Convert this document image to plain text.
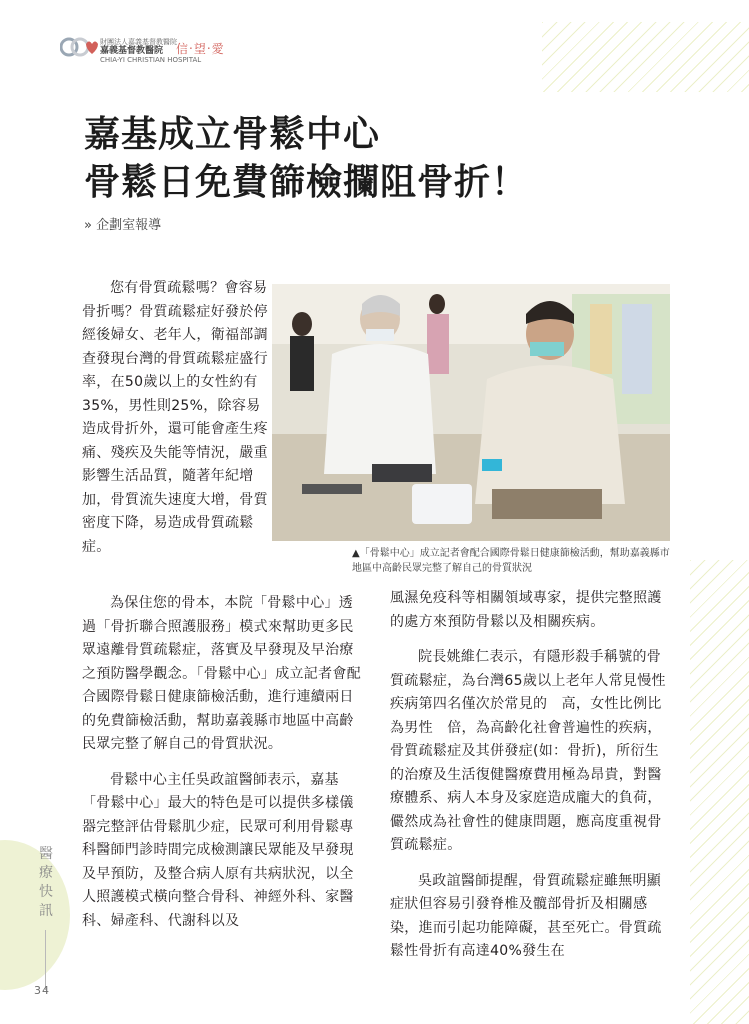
財團法人嘉義基督教醫院
嘉義基督教醫院
CHIA-YI CHRISTIAN HOSPITAL
信‧望‧愛
嘉基成立骨鬆中心
骨鬆日免費篩檢攔阻骨折！
» 企劃室報導

您有骨質疏鬆嗎？會容易骨折嗎？骨質疏鬆症好發於停經後婦女、老年人，衛福部調查發現台灣的骨質疏鬆症盛行率，在50歲以上的女性約有35%，男性則25%，除容易造成骨折外，還可能會產生疼痛、殘疾及失能等情況，嚴重影響生活品質，隨著年紀增加，骨質流失速度大增，骨質密度下降，易造成骨質疏鬆症。	▲「骨鬆中心」成立記者會配合國際骨鬆日健康篩檢活動，幫助嘉義縣市地區中高齡民眾完整了解自己的骨質狀況

為保住您的骨本，本院「骨鬆中心」透過「骨折聯合照護服務」模式來幫助更多民眾遠離骨質疏鬆症，落實及早發現及早治療之預防醫學觀念。「骨鬆中心」成立記者會配合國際骨鬆日健康篩檢活動，進行連續兩日的免費篩檢活動，幫助嘉義縣市地區中高齡民眾完整了解自己的骨質狀況。

骨鬆中心主任吳政誼醫師表示，嘉基「骨鬆中心」最大的特色是可以提供多樣儀器完整評估骨鬆肌少症，民眾可利用骨鬆專科醫師門診時間完成檢測讓民眾能及早發現及早預防，及整合病人原有共病狀況，以全人照護模式橫向整合骨科、神經外科、家醫科、婦產科、代謝科以及

風濕免疫科等相關領域專家，提供完整照護的處方來預防骨鬆以及相關疾病。

院長姚維仁表示，有隱形殺手稱號的骨質疏鬆症，為台灣65歲以上老年人常見慢性疾病第四名僅次於常見的　高，女性比例比為男性　倍，為高齡化社會普遍性的疾病，骨質疏鬆症及其併發症(如：骨折)，所衍生的治療及生活復健醫療費用極為昂貴，對醫療體系、病人本身及家庭造成龐大的負荷，儼然成為社會性的健康問題，應高度重視骨質疏鬆症。

吳政誼醫師提醒，骨質疏鬆症雖無明顯症狀但容易引發脊椎及髖部骨折及相關感染，進而引起功能障礙，甚至死亡。骨質疏鬆性骨折有高達40%發生在

醫療快訊
34
